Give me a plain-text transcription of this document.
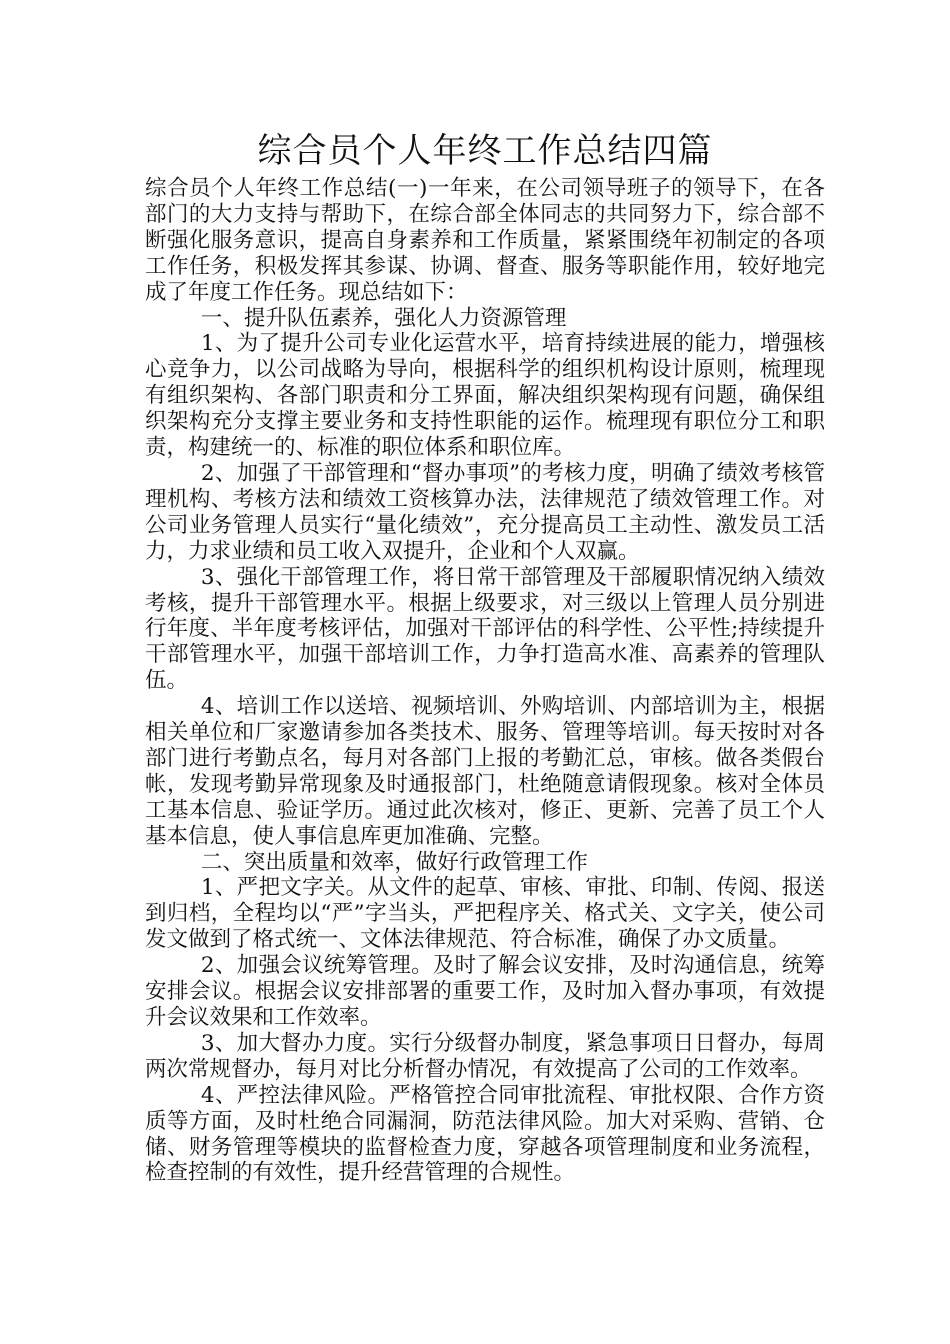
综合员个人年终工作总结四篇

综合员个人年终工作总结(一)一年来，在公司领导班子的领导下，在各部门的大力支持与帮助下，在综合部全体同志的共同努力下，综合部不断强化服务意识，提高自身素养和工作质量，紧紧围绕年初制定的各项工作任务，积极发挥其参谋、协调、督查、服务等职能作用，较好地完成了年度工作任务。现总结如下：

一、提升队伍素养，强化人力资源管理

1、为了提升公司专业化运营水平，培育持续进展的能力，增强核心竞争力，以公司战略为导向，根据科学的组织机构设计原则，梳理现有组织架构、各部门职责和分工界面，解决组织架构现有问题，确保组织架构充分支撑主要业务和支持性职能的运作。梳理现有职位分工和职责，构建统一的、标准的职位体系和职位库。

2、加强了干部管理和“督办事项”的考核力度，明确了绩效考核管理机构、考核方法和绩效工资核算办法，法律规范了绩效管理工作。对公司业务管理人员实行“量化绩效”，充分提高员工主动性、激发员工活力，力求业绩和员工收入双提升，企业和个人双赢。

3、强化干部管理工作，将日常干部管理及干部履职情况纳入绩效考核，提升干部管理水平。根据上级要求，对三级以上管理人员分别进行年度、半年度考核评估，加强对干部评估的科学性、公平性;持续提升干部管理水平，加强干部培训工作，力争打造高水准、高素养的管理队伍。

4、培训工作以送培、视频培训、外购培训、内部培训为主，根据相关单位和厂家邀请参加各类技术、服务、管理等培训。每天按时对各部门进行考勤点名，每月对各部门上报的考勤汇总，审核。做各类假台帐，发现考勤异常现象及时通报部门，杜绝随意请假现象。核对全体员工基本信息、验证学历。通过此次核对，修正、更新、完善了员工个人基本信息，使人事信息库更加准确、完整。

二、突出质量和效率，做好行政管理工作

1、严把文字关。从文件的起草、审核、审批、印制、传阅、报送到归档，全程均以“严”字当头，严把程序关、格式关、文字关，使公司发文做到了格式统一、文体法律规范、符合标准，确保了办文质量。

2、加强会议统筹管理。及时了解会议安排，及时沟通信息，统筹安排会议。根据会议安排部署的重要工作，及时加入督办事项，有效提升会议效果和工作效率。

3、加大督办力度。实行分级督办制度，紧急事项日日督办，每周两次常规督办，每月对比分析督办情况，有效提高了公司的工作效率。

4、严控法律风险。严格管控合同审批流程、审批权限、合作方资质等方面，及时杜绝合同漏洞，防范法律风险。加大对采购、营销、仓储、财务管理等模块的监督检查力度，穿越各项管理制度和业务流程，检查控制的有效性，提升经营管理的合规性。
